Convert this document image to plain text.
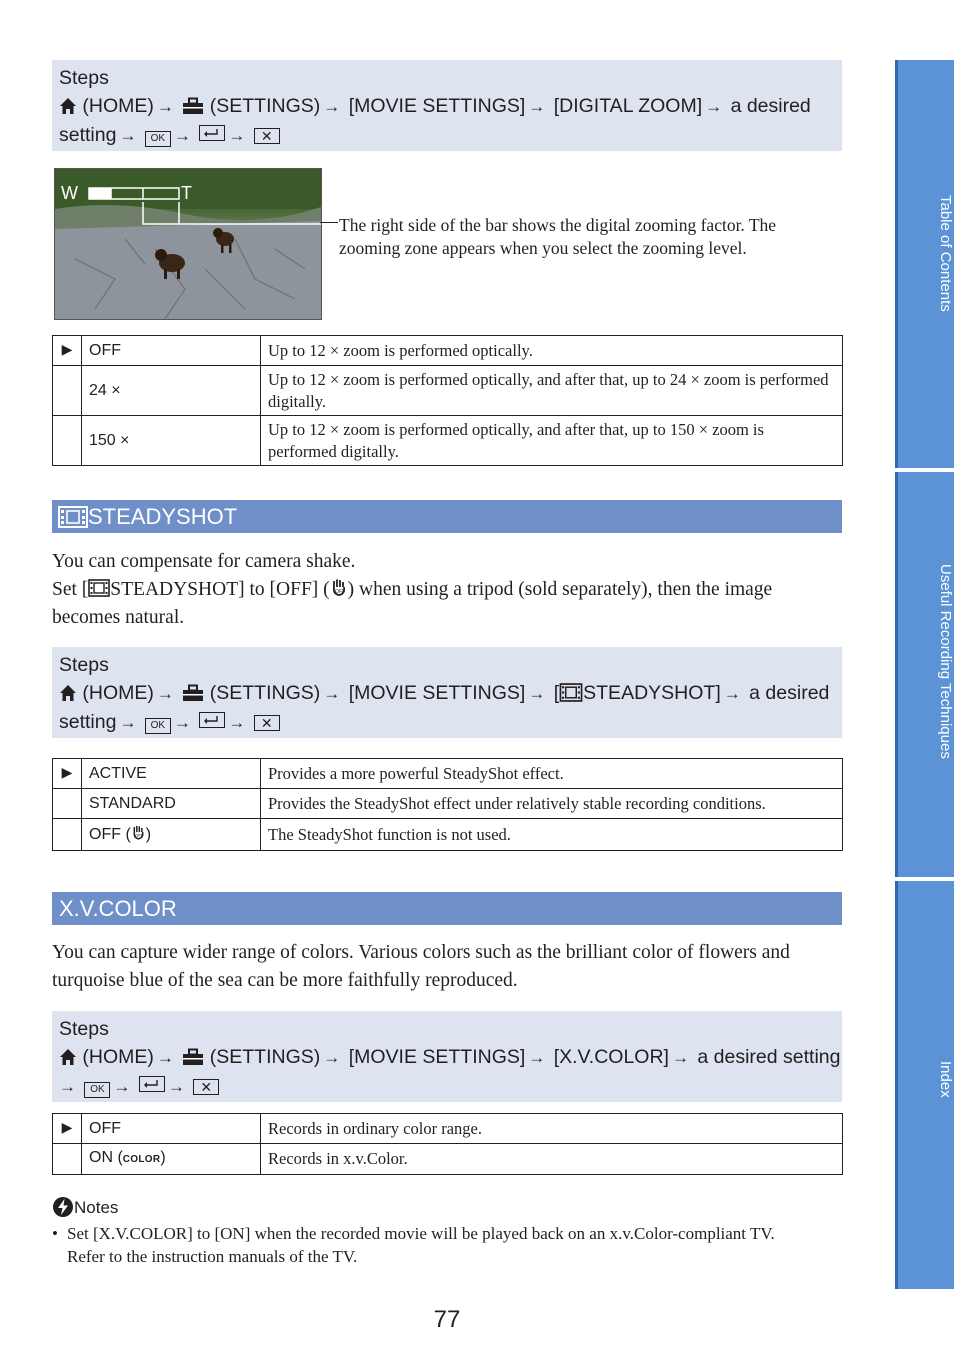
Steps
(HOME) → (SETTINGS) → [MOVIE SETTINGS] → [DIGITAL ZOOM] → a desired
setting → OK → → ✕
W	T
The right side of the bar shows the digital zooming factor. The zooming zone appears when you select the zooming level.
▶	OFF	Up to 12 × zoom is performed optically.
	24 ×	Up to 12 × zoom is performed optically, and after that, up to 24 × zoom is performed digitally.
	150 ×	Up to 12 × zoom is performed optically, and after that, up to 150 × zoom is performed digitally.
STEADYSHOT
You can compensate for camera shake.
Set [ STEADYSHOT] to [OFF] ( OFF ) when using a tripod (sold separately), then the image
becomes natural.
Steps
(HOME) → (SETTINGS) → [MOVIE SETTINGS] → [ STEADYSHOT] → a desired
setting → OK → → ✕
▶	ACTIVE	Provides a more powerful SteadyShot effect.
	STANDARD	Provides the SteadyShot effect under relatively stable recording conditions.
	OFF ( OFF )	The SteadyShot function is not used.
X.V.COLOR
You can capture wider range of colors. Various colors such as the brilliant color of flowers and turquoise blue of the sea can be more faithfully reproduced.
Steps
(HOME) → (SETTINGS) → [MOVIE SETTINGS] → [X.V.COLOR] → a desired setting
→ OK → → ✕
▶	OFF	Records in ordinary color range.
	ON (COLOR)	Records in x.v.Color.
Notes
• Set [X.V.COLOR] to [ON] when the recorded movie will be played back on an x.v.Color-compliant TV.
Refer to the instruction manuals of the TV.
77
Table of Contents
Useful Recording Techniques
Index
